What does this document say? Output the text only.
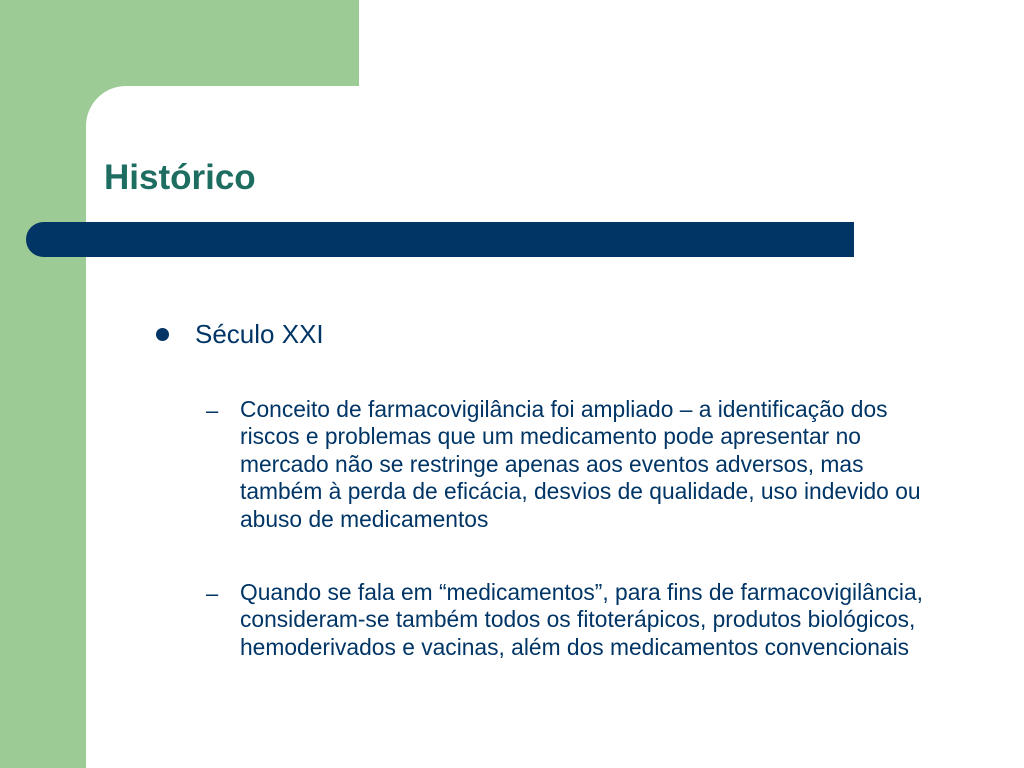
Histórico
Século XXI
– Conceito de farmacovigilância foi ampliado – a identificação dos riscos e problemas que um medicamento pode apresentar no mercado não se restringe apenas aos eventos adversos, mas também à perda de eficácia, desvios de qualidade, uso indevido ou abuso de medicamentos
– Quando se fala em “medicamentos”, para fins de farmacovigilância, consideram-se também todos os fitoterápicos, produtos biológicos, hemoderivados e vacinas, além dos medicamentos convencionais
